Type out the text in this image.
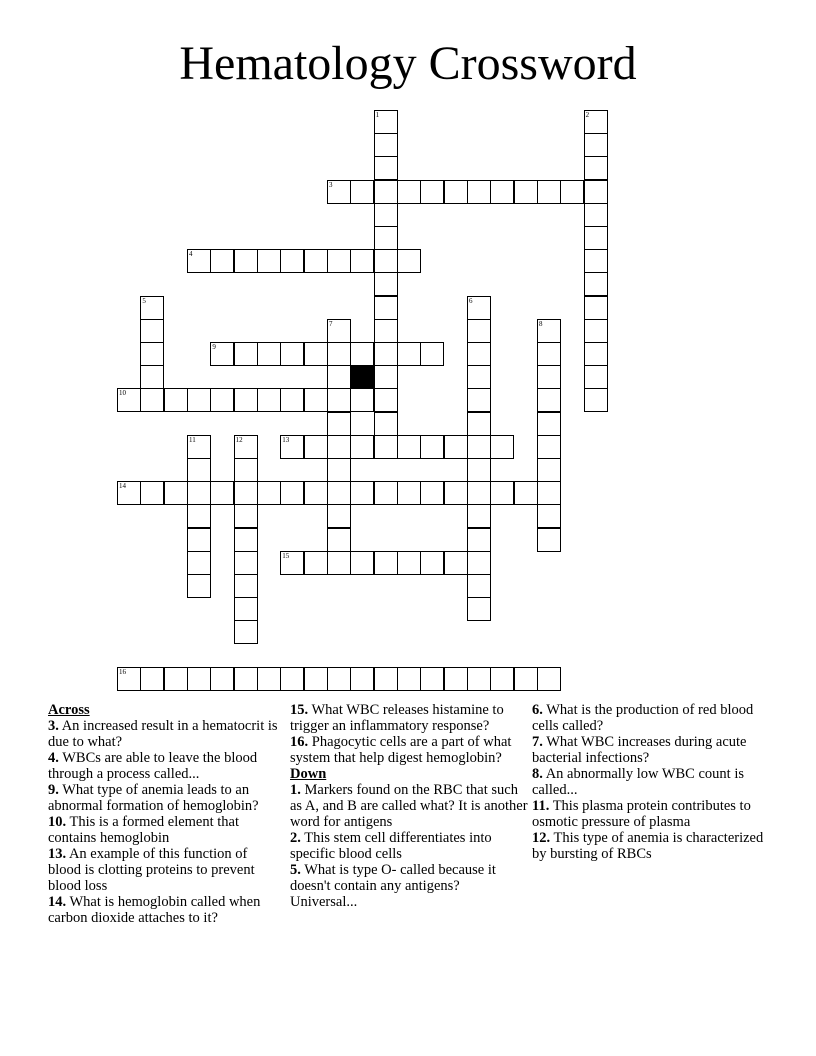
Hematology Crossword
1	2
3
4
5	6
7	8
9
10
11	12	13
14
15
16
Across
3. An increased result in a hematocrit is due to what?
4. WBCs are able to leave the blood through a process called...
9. What type of anemia leads to an abnormal formation of hemoglobin?
10. This is a formed element that contains hemoglobin
13. An example of this function of blood is clotting proteins to prevent blood loss
14. What is hemoglobin called when carbon dioxide attaches to it?
15. What WBC releases histamine to trigger an inflammatory response?
16. Phagocytic cells are a part of what system that help digest hemoglobin?
Down
1. Markers found on the RBC that such as A, and B are called what? It is another word for antigens
2. This stem cell differentiates into specific blood cells
5. What is type O- called because it doesn't contain any antigens? Universal...
6. What is the production of red blood cells called?
7. What WBC increases during acute bacterial infections?
8. An abnormally low WBC count is called...
11. This plasma protein contributes to osmotic pressure of plasma
12. This type of anemia is characterized by bursting of RBCs
